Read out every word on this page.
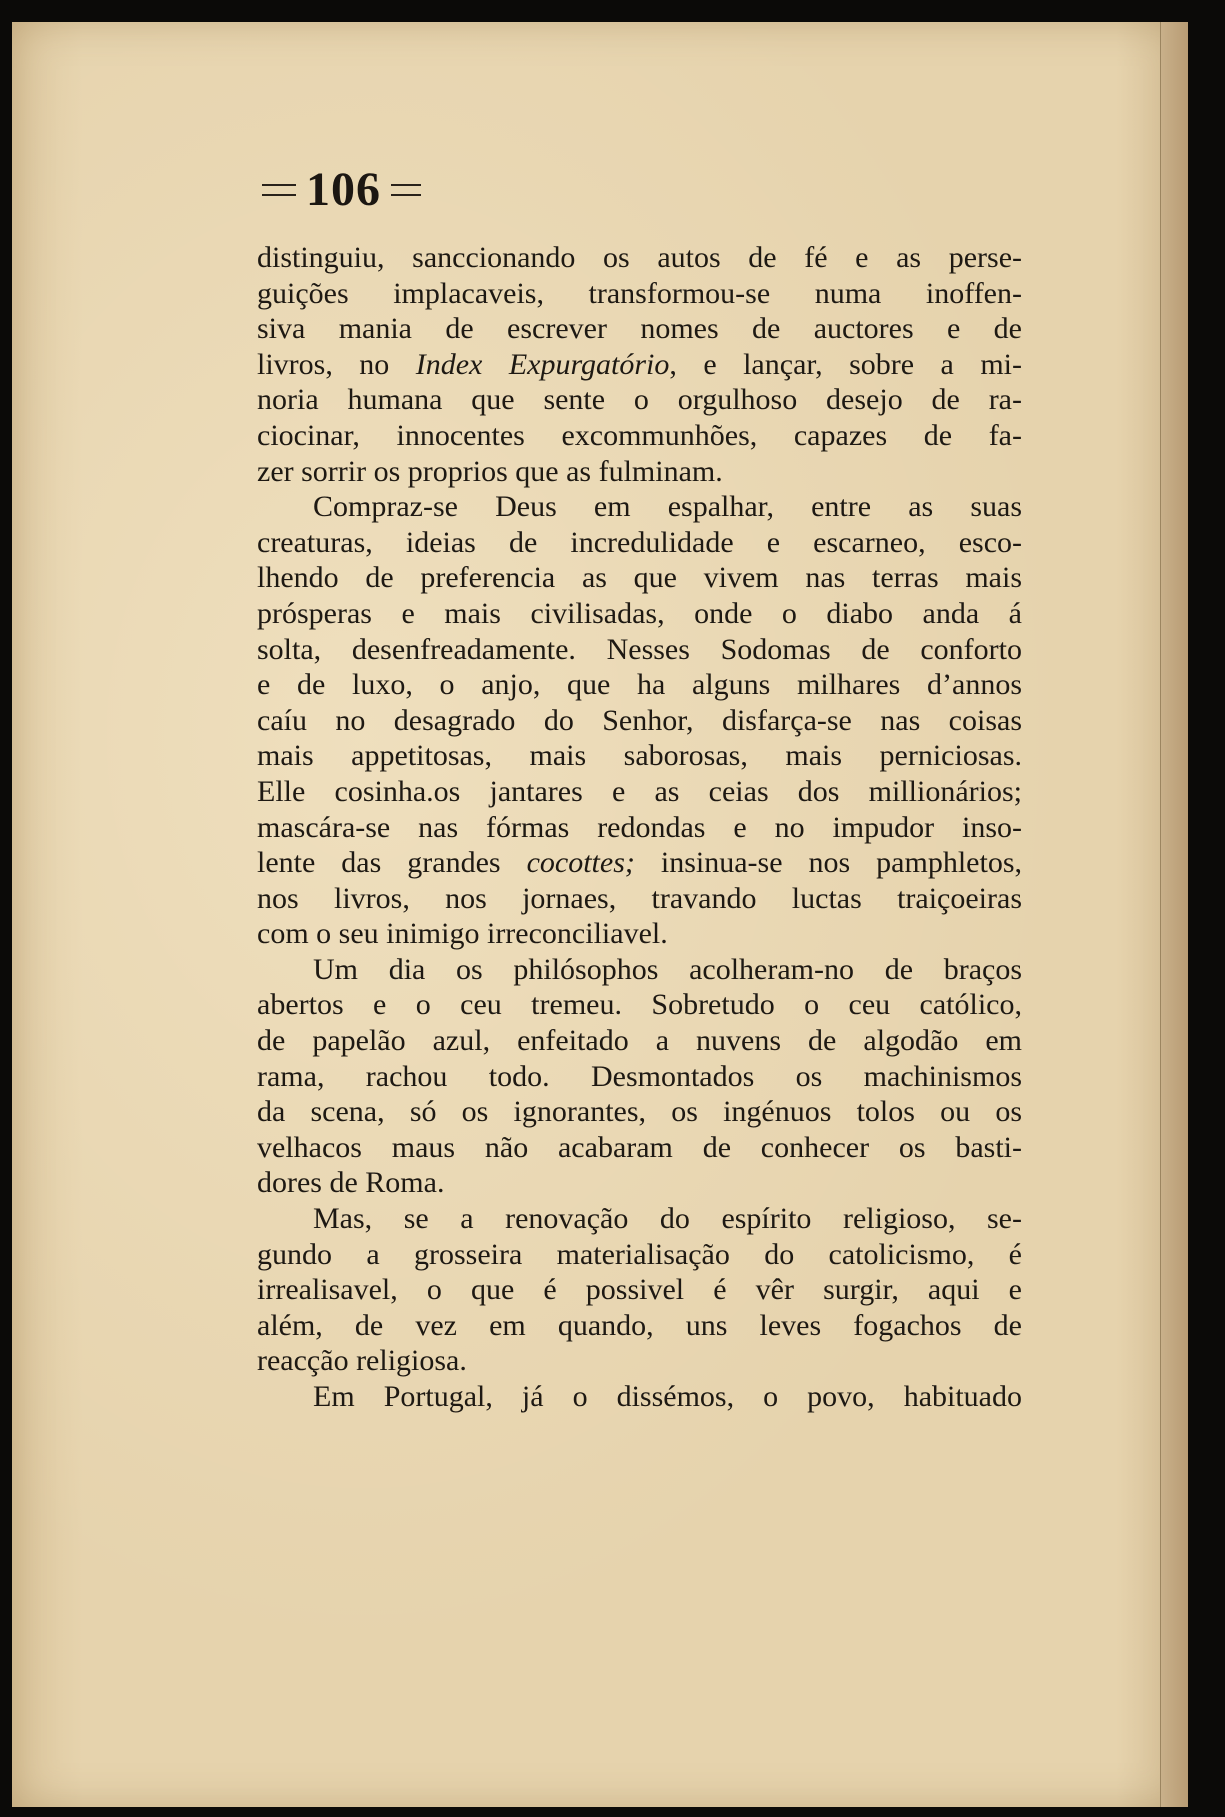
106
distinguiu, sanccionando os autos de fé e as perse-
guições implacaveis, transformou-se numa inoffen-
siva mania de escrever nomes de auctores e de
livros, no Index Expurgatório, e lançar, sobre a mi-
noria humana que sente o orgulhoso desejo de ra-
ciocinar, innocentes excommunhões, capazes de fa-
zer sorrir os proprios que as fulminam.
Compraz-se Deus em espalhar, entre as suas
creaturas, ideias de incredulidade e escarneo, esco-
lhendo de preferencia as que vivem nas terras mais
prósperas e mais civilisadas, onde o diabo anda á
solta, desenfreadamente. Nesses Sodomas de conforto
e de luxo, o anjo, que ha alguns milhares d’annos
caíu no desagrado do Senhor, disfarça-se nas coisas
mais appetitosas, mais saborosas, mais perniciosas.
Elle cosinha.os jantares e as ceias dos millionários;
mascára-se nas fórmas redondas e no impudor inso-
lente das grandes cocottes; insinua-se nos pamphletos,
nos livros, nos jornaes, travando luctas traiçoeiras
com o seu inimigo irreconciliavel.
Um dia os philósophos acolheram-no de braços
abertos e o ceu tremeu. Sobretudo o ceu católico,
de papelão azul, enfeitado a nuvens de algodão em
rama, rachou todo. Desmontados os machinismos
da scena, só os ignorantes, os ingénuos tolos ou os
velhacos maus não acabaram de conhecer os basti-
dores de Roma.
Mas, se a renovação do espírito religioso, se-
gundo a grosseira materialisação do catolicismo, é
irrealisavel, o que é possivel é vêr surgir, aqui e
além, de vez em quando, uns leves fogachos de
reacção religiosa.
Em Portugal, já o dissémos, o povo, habituado
